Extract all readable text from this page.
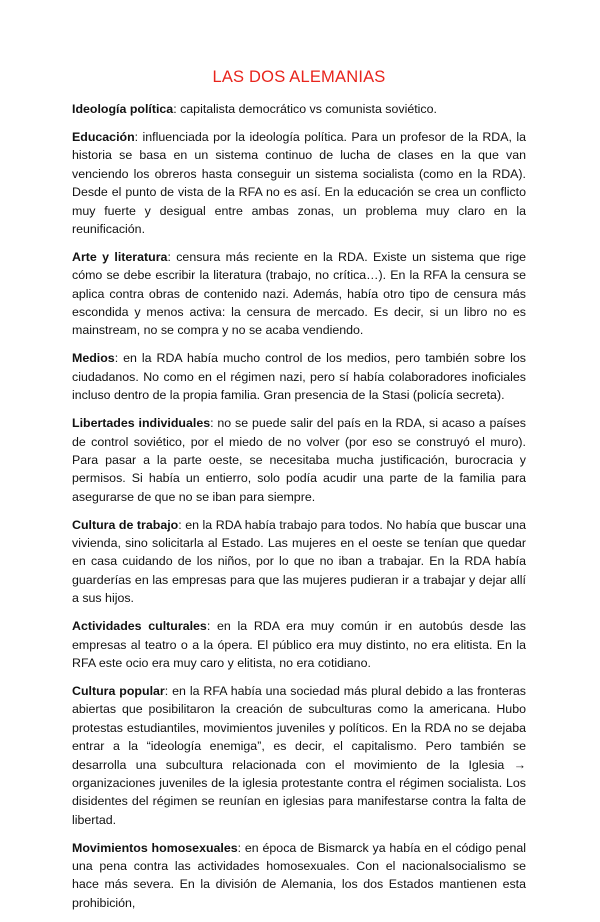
LAS DOS ALEMANIAS

Ideología política: capitalista democrático vs comunista soviético.

Educación: influenciada por la ideología política. Para un profesor de la RDA, la historia se basa en un sistema continuo de lucha de clases en la que van venciendo los obreros hasta conseguir un sistema socialista (como en la RDA). Desde el punto de vista de la RFA no es así. En la educación se crea un conflicto muy fuerte y desigual entre ambas zonas, un problema muy claro en la reunificación.

Arte y literatura: censura más reciente en la RDA. Existe un sistema que rige cómo se debe escribir la literatura (trabajo, no crítica…). En la RFA la censura se aplica contra obras de contenido nazi. Además, había otro tipo de censura más escondida y menos activa: la censura de mercado. Es decir, si un libro no es mainstream, no se compra y no se acaba vendiendo.

Medios: en la RDA había mucho control de los medios, pero también sobre los ciudadanos. No como en el régimen nazi, pero sí había colaboradores inoficiales incluso dentro de la propia familia. Gran presencia de la Stasi (policía secreta).

Libertades individuales: no se puede salir del país en la RDA, si acaso a países de control soviético, por el miedo de no volver (por eso se construyó el muro). Para pasar a la parte oeste, se necesitaba mucha justificación, burocracia y permisos. Si había un entierro, solo podía acudir una parte de la familia para asegurarse de que no se iban para siempre.

Cultura de trabajo: en la RDA había trabajo para todos. No había que buscar una vivienda, sino solicitarla al Estado. Las mujeres en el oeste se tenían que quedar en casa cuidando de los niños, por lo que no iban a trabajar. En la RDA había guarderías en las empresas para que las mujeres pudieran ir a trabajar y dejar allí a sus hijos.

Actividades culturales: en la RDA era muy común ir en autobús desde las empresas al teatro o a la ópera. El público era muy distinto, no era elitista. En la RFA este ocio era muy caro y elitista, no era cotidiano.

Cultura popular: en la RFA había una sociedad más plural debido a las fronteras abiertas que posibilitaron la creación de subculturas como la americana. Hubo protestas estudiantiles, movimientos juveniles y políticos. En la RDA no se dejaba entrar a la “ideología enemiga”, es decir, el capitalismo. Pero también se desarrolla una subcultura relacionada con el movimiento de la Iglesia → organizaciones juveniles de la iglesia protestante contra el régimen socialista. Los disidentes del régimen se reunían en iglesias para manifestarse contra la falta de libertad.

Movimientos homosexuales: en época de Bismarck ya había en el código penal una pena contra las actividades homosexuales. Con el nacionalsocialismo se hace más severa. En la división de Alemania, los dos Estados mantienen esta prohibición,
